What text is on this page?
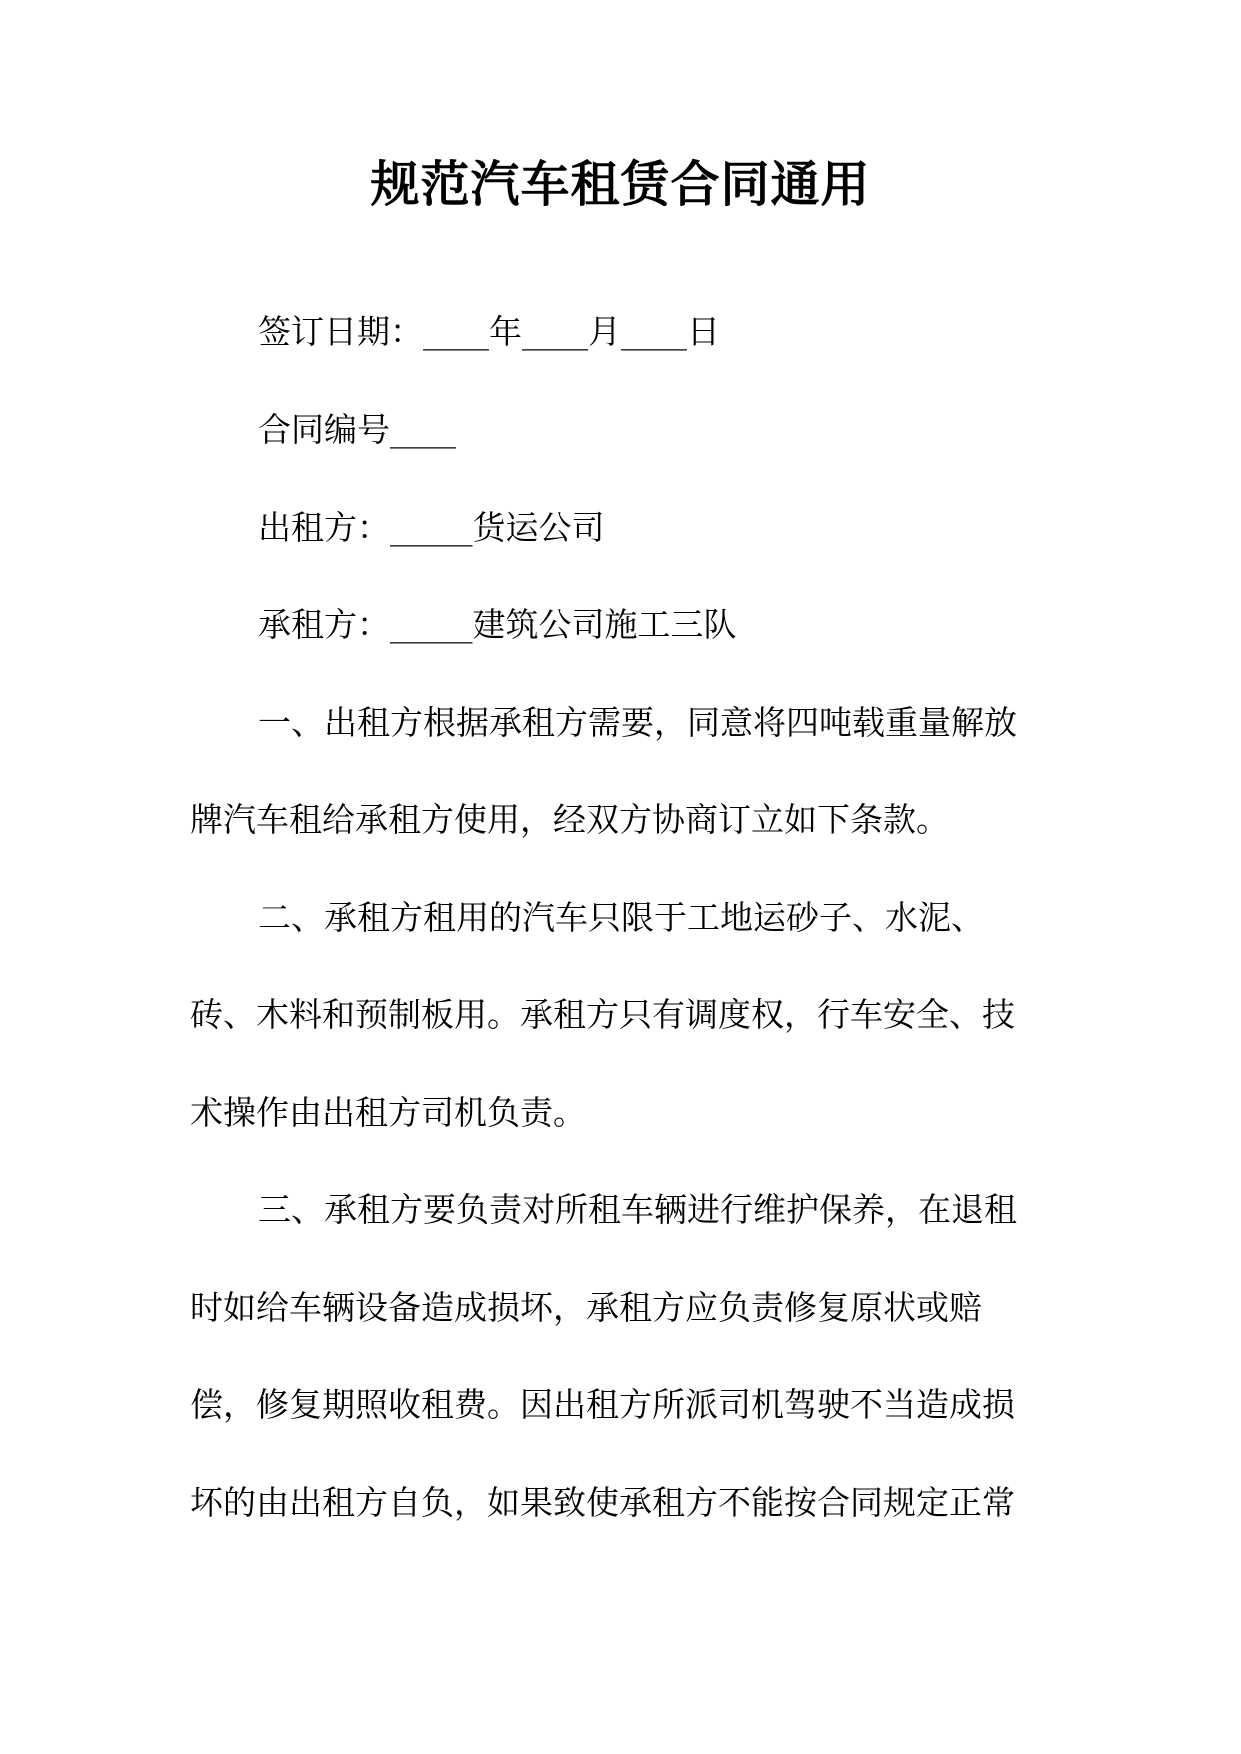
规范汽车租赁合同通用
签订日期：____年____月____日
合同编号____
出租方：_____货运公司
承租方：_____建筑公司施工三队
一、出租方根据承租方需要，同意将四吨载重量解放
牌汽车租给承租方使用，经双方协商订立如下条款。
二、承租方租用的汽车只限于工地运砂子、水泥、
砖、木料和预制板用。承租方只有调度权，行车安全、技
术操作由出租方司机负责。
三、承租方要负责对所租车辆进行维护保养，在退租
时如给车辆设备造成损坏，承租方应负责修复原状或赔
偿，修复期照收租费。因出租方所派司机驾驶不当造成损
坏的由出租方自负，如果致使承租方不能按合同规定正常
